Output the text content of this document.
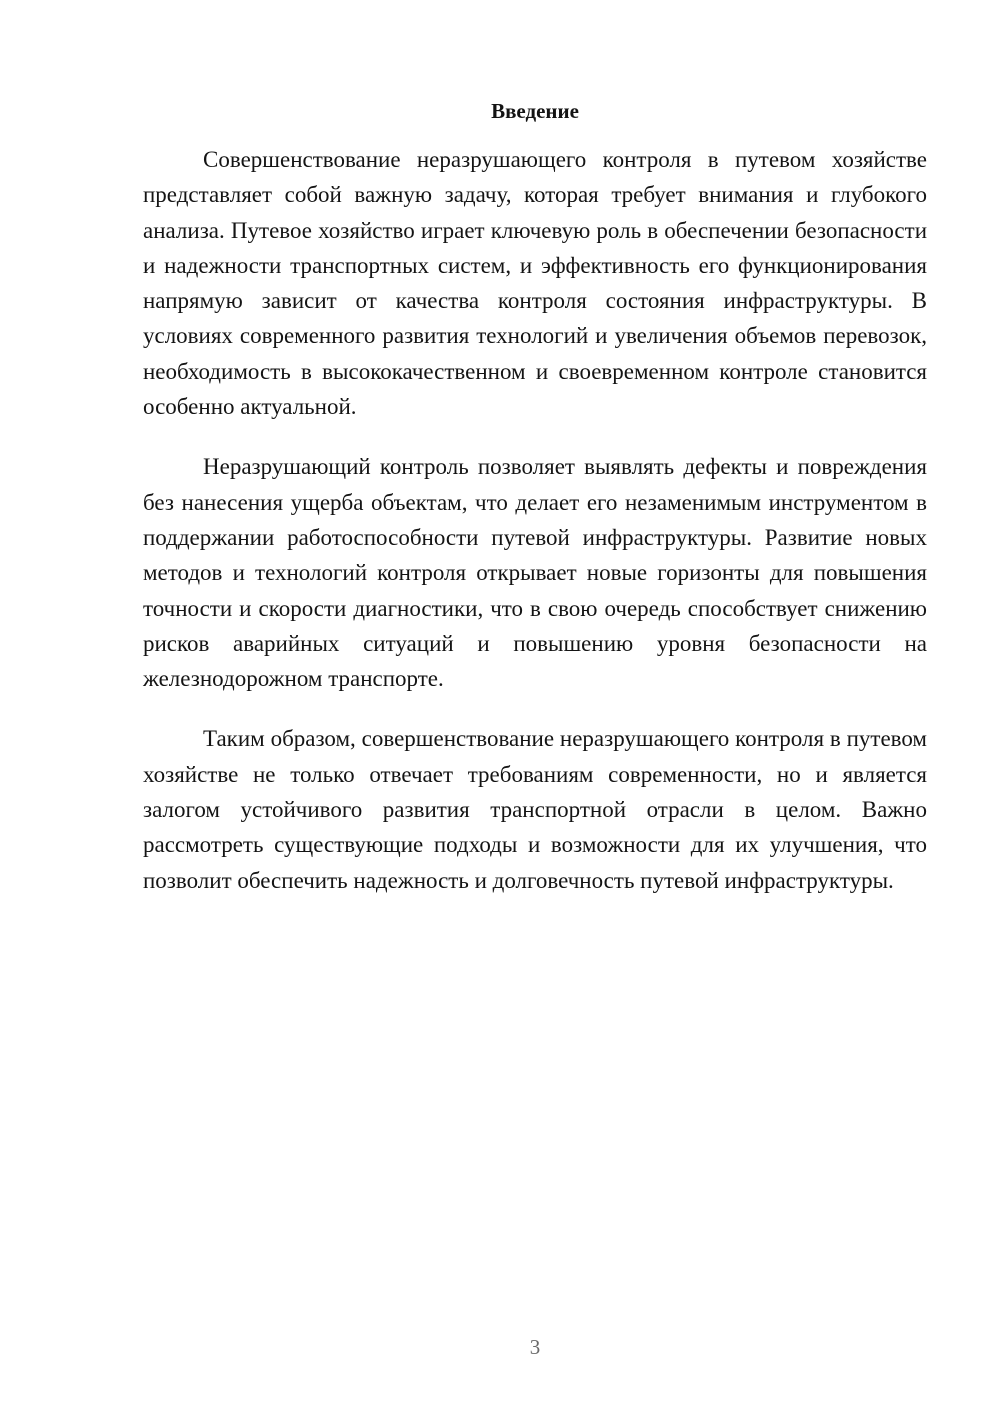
Введение

Совершенствование неразрушающего контроля в путевом хозяйстве представляет собой важную задачу, которая требует внимания и глубокого анализа. Путевое хозяйство играет ключевую роль в обеспечении безопасности и надежности транспортных систем, и эффективность его функционирования напрямую зависит от качества контроля состояния инфраструктуры. В условиях современного развития технологий и увеличения объемов перевозок, необходимость в высококачественном и своевременном контроле становится особенно актуальной.

Неразрушающий контроль позволяет выявлять дефекты и повреждения без нанесения ущерба объектам, что делает его незаменимым инструментом в поддержании работоспособности путевой инфраструктуры. Развитие новых методов и технологий контроля открывает новые горизонты для повышения точности и скорости диагностики, что в свою очередь способствует снижению рисков аварийных ситуаций и повышению уровня безопасности на железнодорожном транспорте.

Таким образом, совершенствование неразрушающего контроля в путевом хозяйстве не только отвечает требованиям современности, но и является залогом устойчивого развития транспортной отрасли в целом. Важно рассмотреть существующие подходы и возможности для их улучшения, что позволит обеспечить надежность и долговечность путевой инфраструктуры.

3
